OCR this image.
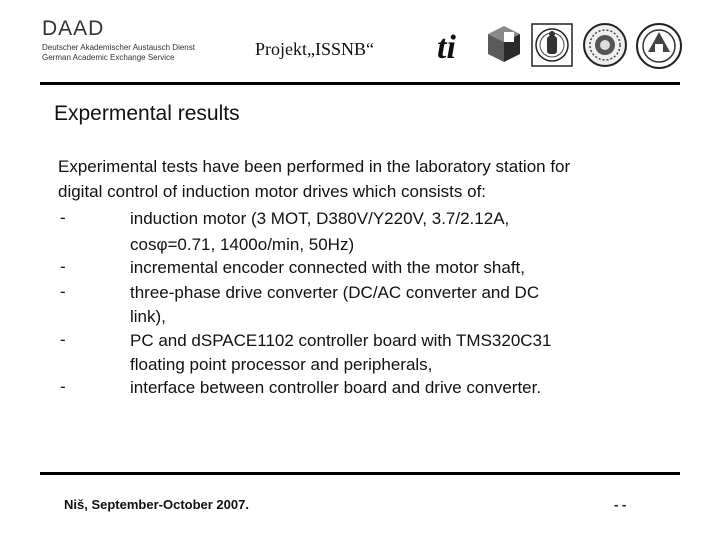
DAAD
Deutscher Akademischer Austausch Dienst
German Academic Exchange Service	Projekt„ISSNB“ ti
Expermental results
Experimental tests have been performed in the laboratory station for
digital control of induction motor drives which consists of:
-	induction motor (3 MOT, D380V/Y220V, 3.7/2.12A,
cosφ=0.71, 1400o/min, 50Hz)
-	incremental encoder connected with the motor shaft,
-	three-phase drive converter (DC/AC converter and DC
link),
-	PC and dSPACE1102 controller board with TMS320C31
floating point processor and peripherals,
-	interface between controller board and drive converter.
Niš, September-October 2007.	- -
